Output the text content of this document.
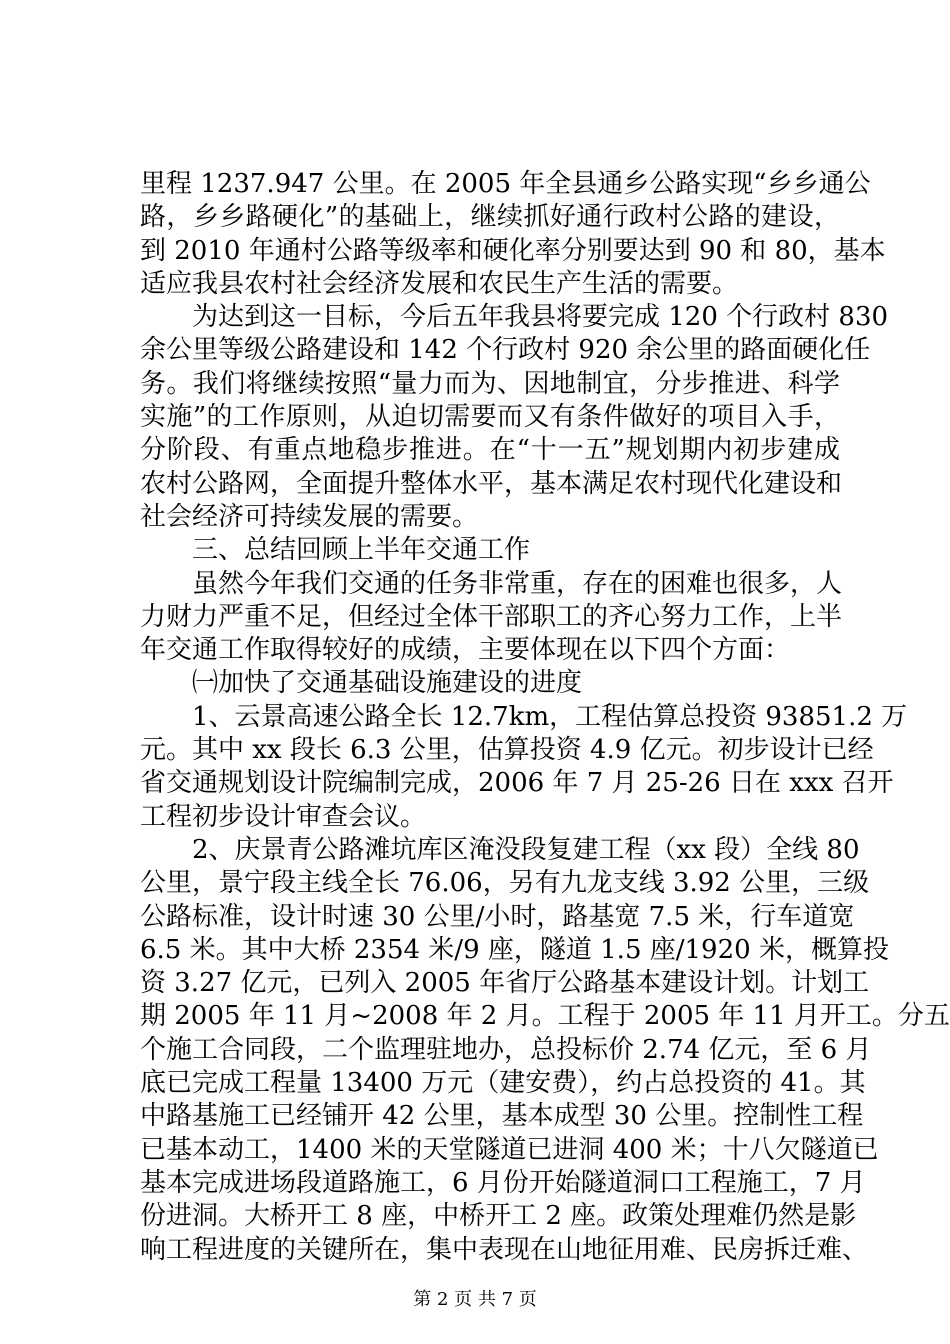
里程 1237.947 公里。在 2005 年全县通乡公路实现“乡乡通公
路，乡乡路硬化”的基础上，继续抓好通行政村公路的建设，
到 2010 年通村公路等级率和硬化率分别要达到 90 和 80，基本
适应我县农村社会经济发展和农民生产生活的需要。
为达到这一目标，今后五年我县将要完成 120 个行政村 830
余公里等级公路建设和 142 个行政村 920 余公里的路面硬化任
务。我们将继续按照“量力而为、因地制宜，分步推进、科学
实施”的工作原则，从迫切需要而又有条件做好的项目入手，
分阶段、有重点地稳步推进。在“十一五”规划期内初步建成
农村公路网，全面提升整体水平，基本满足农村现代化建设和
社会经济可持续发展的需要。
三、总结回顾上半年交通工作
虽然今年我们交通的任务非常重，存在的困难也很多，人
力财力严重不足，但经过全体干部职工的齐心努力工作，上半
年交通工作取得较好的成绩，主要体现在以下四个方面：
㈠加快了交通基础设施建设的进度
1、云景高速公路全长 12.7km，工程估算总投资 93851.2 万
元。其中 xx 段长 6.3 公里，估算投资 4.9 亿元。初步设计已经
省交通规划设计院编制完成，2006 年 7 月 25-26 日在 xxx 召开
工程初步设计审查会议。
2、庆景青公路滩坑库区淹没段复建工程（xx 段）全线 80
公里，景宁段主线全长 76.06，另有九龙支线 3.92 公里，三级
公路标准，设计时速 30 公里/小时，路基宽 7.5 米，行车道宽
6.5 米。其中大桥 2354 米/9 座，隧道 1.5 座/1920 米，概算投
资 3.27 亿元，已列入 2005 年省厅公路基本建设计划。计划工
期 2005 年 11 月~2008 年 2 月。工程于 2005 年 11 月开工。分五
个施工合同段，二个监理驻地办，总投标价 2.74 亿元，至 6 月
底已完成工程量 13400 万元（建安费），约占总投资的 41。其
中路基施工已经铺开 42 公里，基本成型 30 公里。控制性工程
已基本动工，1400 米的天堂隧道已进洞 400 米；十八欠隧道已
基本完成进场段道路施工，6 月份开始隧道洞口工程施工，7 月
份进洞。大桥开工 8 座，中桥开工 2 座。政策处理难仍然是影
响工程进度的关键所在，集中表现在山地征用难、民房拆迁难、
第 2 页 共 7 页
